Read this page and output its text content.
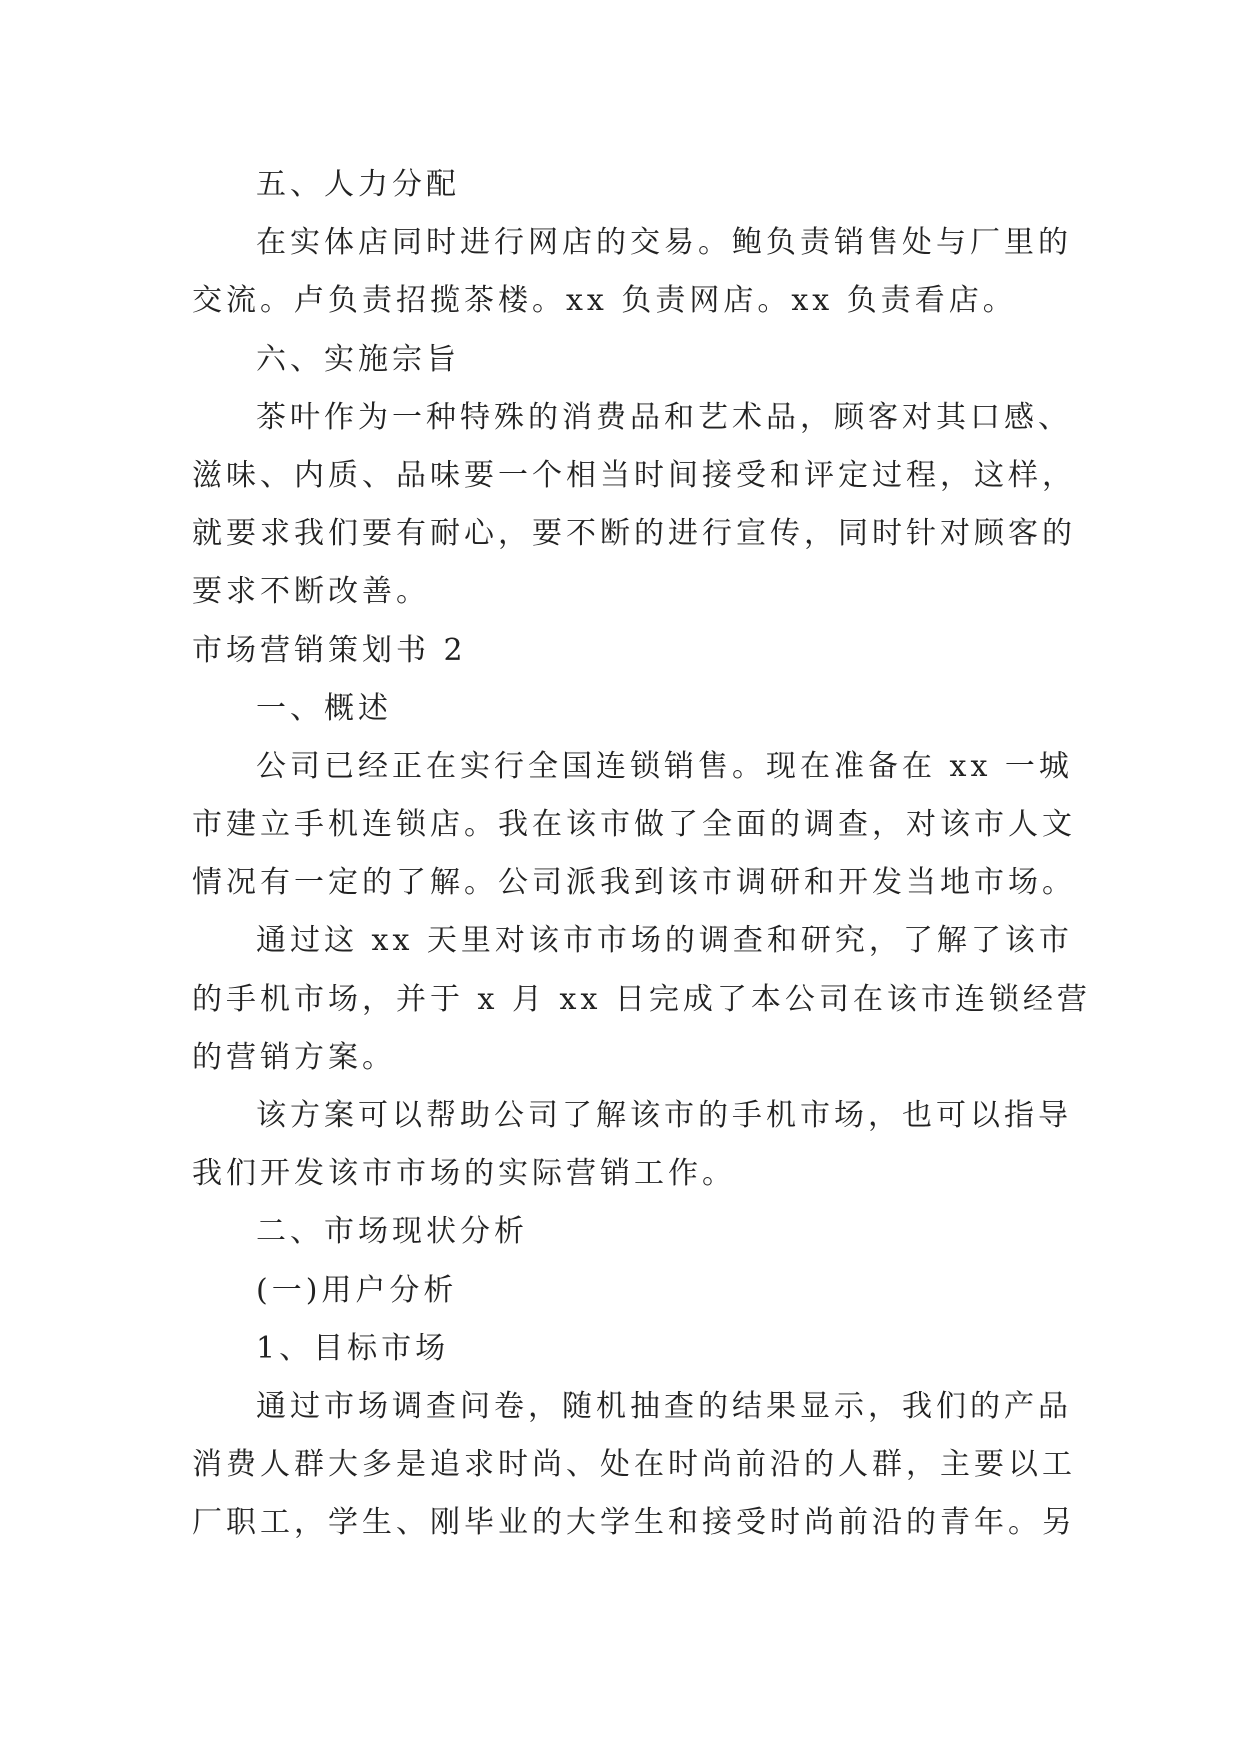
五、人力分配
在实体店同时进行网店的交易。鲍负责销售处与厂里的
交流。卢负责招揽茶楼。xx 负责网店。xx 负责看店。
六、实施宗旨
茶叶作为一种特殊的消费品和艺术品，顾客对其口感、
滋味、内质、品味要一个相当时间接受和评定过程，这样，
就要求我们要有耐心，要不断的进行宣传，同时针对顾客的
要求不断改善。
市场营销策划书 2
一、概述
公司已经正在实行全国连锁销售。现在准备在 xx 一城
市建立手机连锁店。我在该市做了全面的调查，对该市人文
情况有一定的了解。公司派我到该市调研和开发当地市场。
通过这 xx 天里对该市市场的调查和研究，了解了该市
的手机市场，并于 x 月 xx 日完成了本公司在该市连锁经营
的营销方案。
该方案可以帮助公司了解该市的手机市场，也可以指导
我们开发该市市场的实际营销工作。
二、市场现状分析
(一)用户分析
1、目标市场
通过市场调查问卷，随机抽查的结果显示，我们的产品
消费人群大多是追求时尚、处在时尚前沿的人群，主要以工
厂职工，学生、刚毕业的大学生和接受时尚前沿的青年。另
